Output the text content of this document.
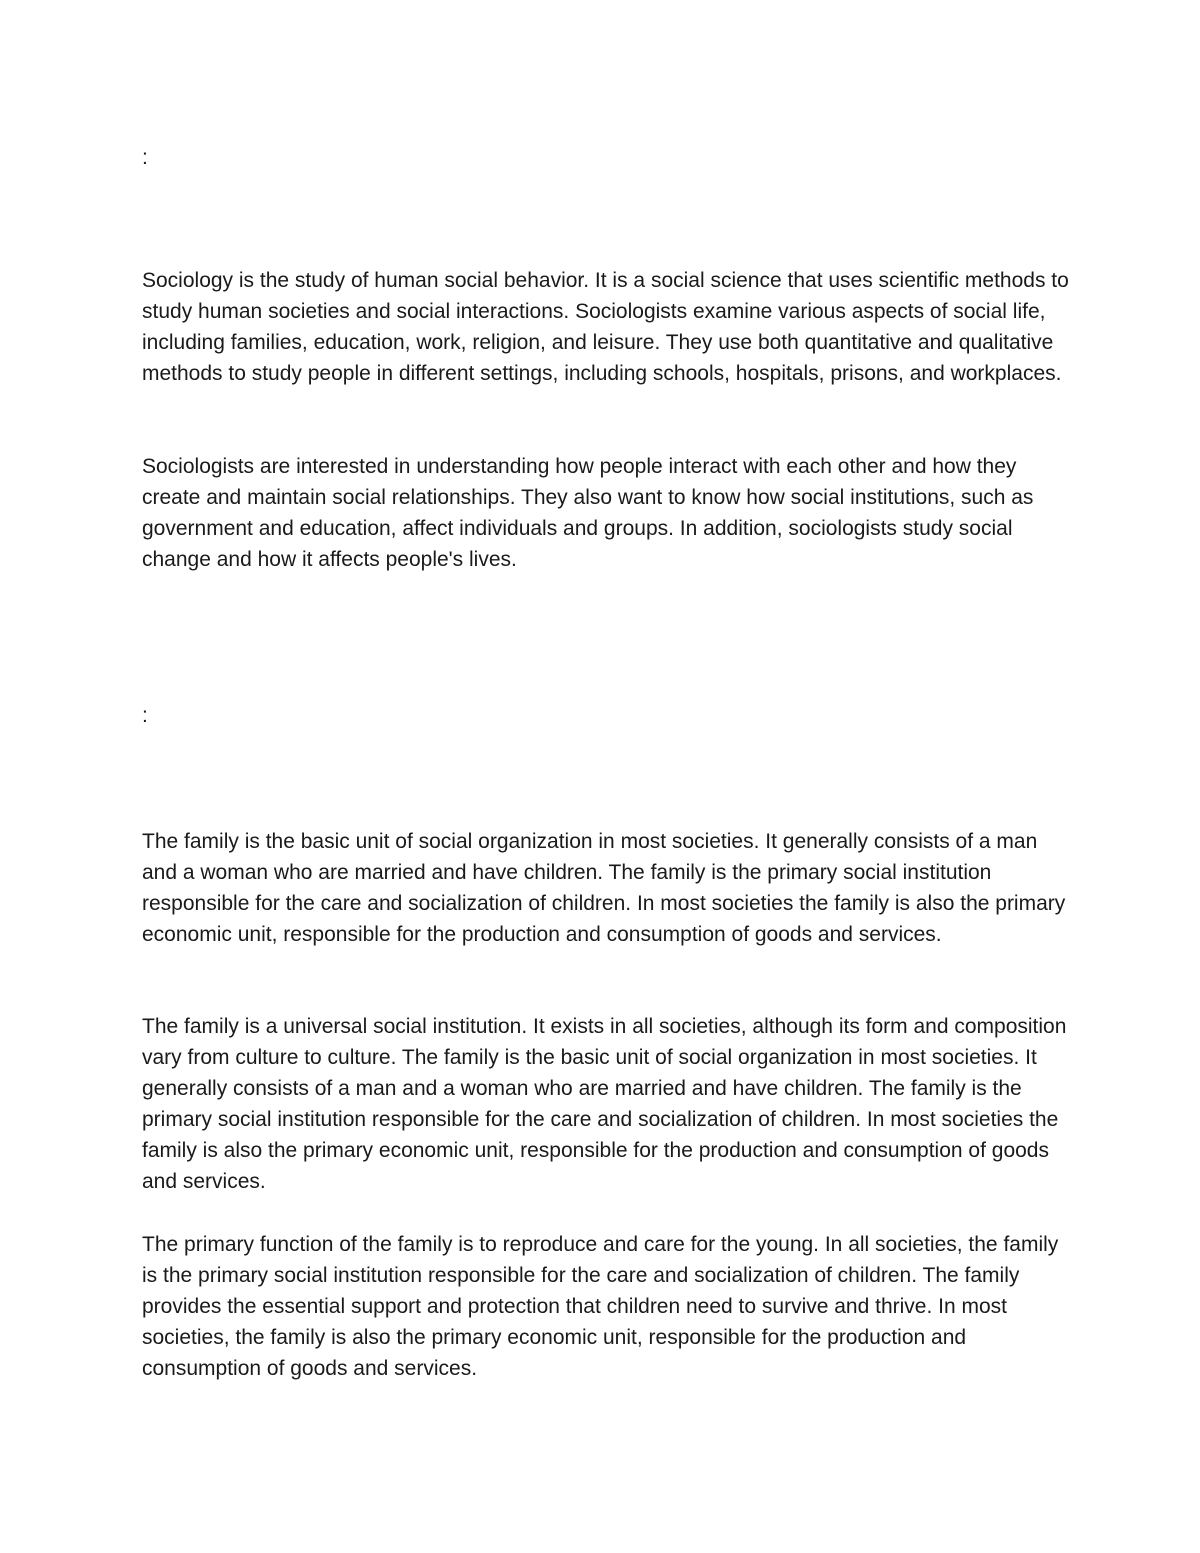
:

Sociology is the study of human social behavior. It is a social science that uses scientific methods to study human societies and social interactions. Sociologists examine various aspects of social life, including families, education, work, religion, and leisure. They use both quantitative and qualitative methods to study people in different settings, including schools, hospitals, prisons, and workplaces.

Sociologists are interested in understanding how people interact with each other and how they create and maintain social relationships. They also want to know how social institutions, such as government and education, affect individuals and groups. In addition, sociologists study social change and how it affects people's lives.

:

The family is the basic unit of social organization in most societies. It generally consists of a man and a woman who are married and have children. The family is the primary social institution responsible for the care and socialization of children. In most societies the family is also the primary economic unit, responsible for the production and consumption of goods and services.

The family is a universal social institution. It exists in all societies, although its form and composition vary from culture to culture. The family is the basic unit of social organization in most societies. It generally consists of a man and a woman who are married and have children. The family is the primary social institution responsible for the care and socialization of children. In most societies the family is also the primary economic unit, responsible for the production and consumption of goods and services.

The primary function of the family is to reproduce and care for the young. In all societies, the family is the primary social institution responsible for the care and socialization of children. The family provides the essential support and protection that children need to survive and thrive. In most societies, the family is also the primary economic unit, responsible for the production and consumption of goods and services.
